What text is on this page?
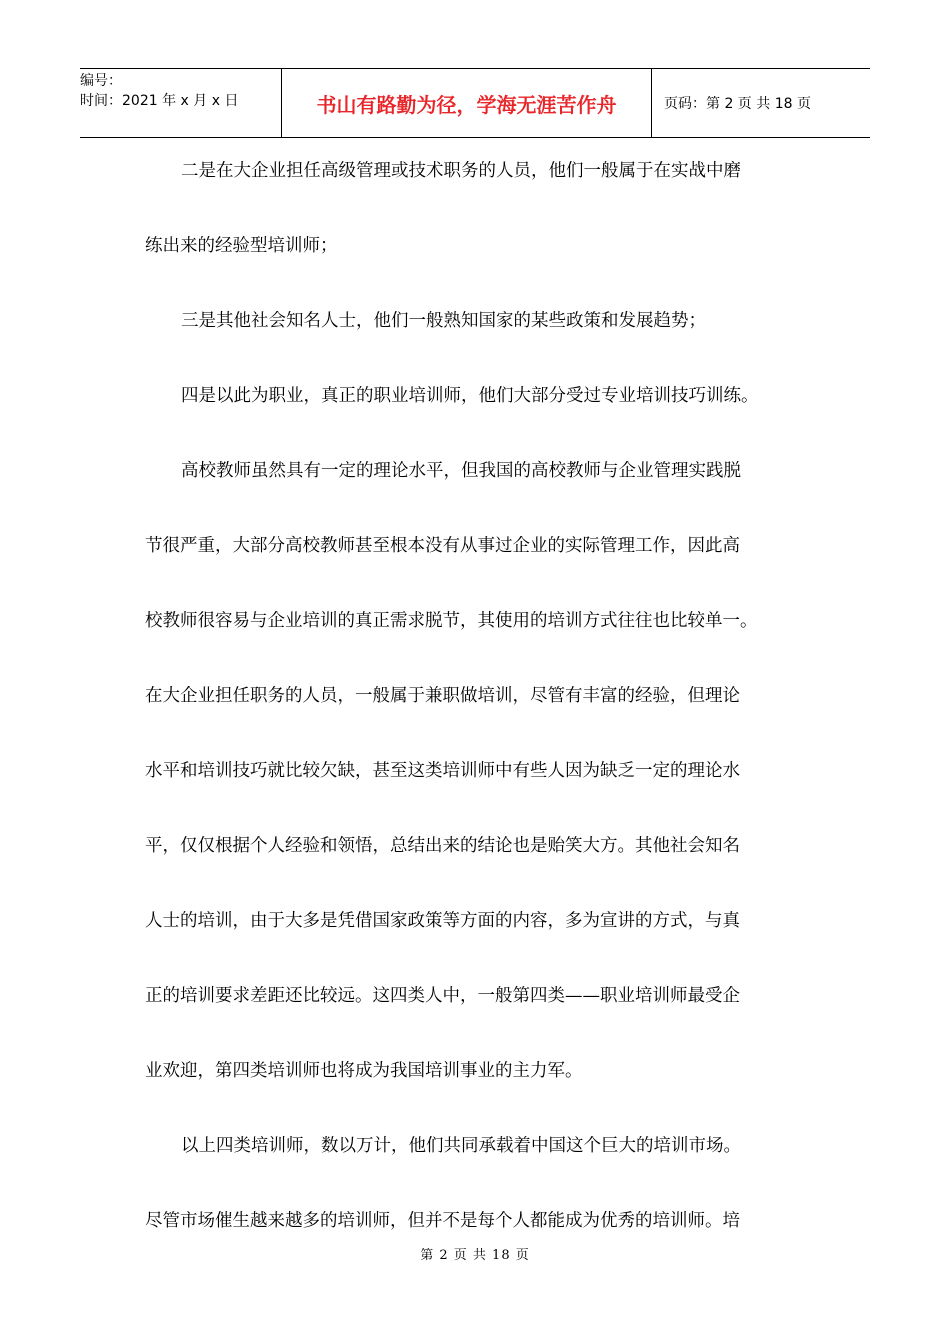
编号：
时间：2021 年 x 月 x 日	书山有路勤为径，学海无涯苦作舟	页码：第 2 页 共 18 页
二是在大企业担任高级管理或技术职务的人员，他们一般属于在实战中磨
练出来的经验型培训师；
三是其他社会知名人士，他们一般熟知国家的某些政策和发展趋势；
四是以此为职业，真正的职业培训师，他们大部分受过专业培训技巧训练。
高校教师虽然具有一定的理论水平，但我国的高校教师与企业管理实践脱
节很严重，大部分高校教师甚至根本没有从事过企业的实际管理工作，因此高
校教师很容易与企业培训的真正需求脱节，其使用的培训方式往往也比较单一。
在大企业担任职务的人员，一般属于兼职做培训，尽管有丰富的经验，但理论
水平和培训技巧就比较欠缺，甚至这类培训师中有些人因为缺乏一定的理论水
平，仅仅根据个人经验和领悟，总结出来的结论也是贻笑大方。其他社会知名
人士的培训，由于大多是凭借国家政策等方面的内容，多为宣讲的方式，与真
正的培训要求差距还比较远。这四类人中，一般第四类——职业培训师最受企
业欢迎，第四类培训师也将成为我国培训事业的主力军。
以上四类培训师，数以万计，他们共同承载着中国这个巨大的培训市场。
尽管市场催生越来越多的培训师，但并不是每个人都能成为优秀的培训师。培
第 2 页 共 18 页
